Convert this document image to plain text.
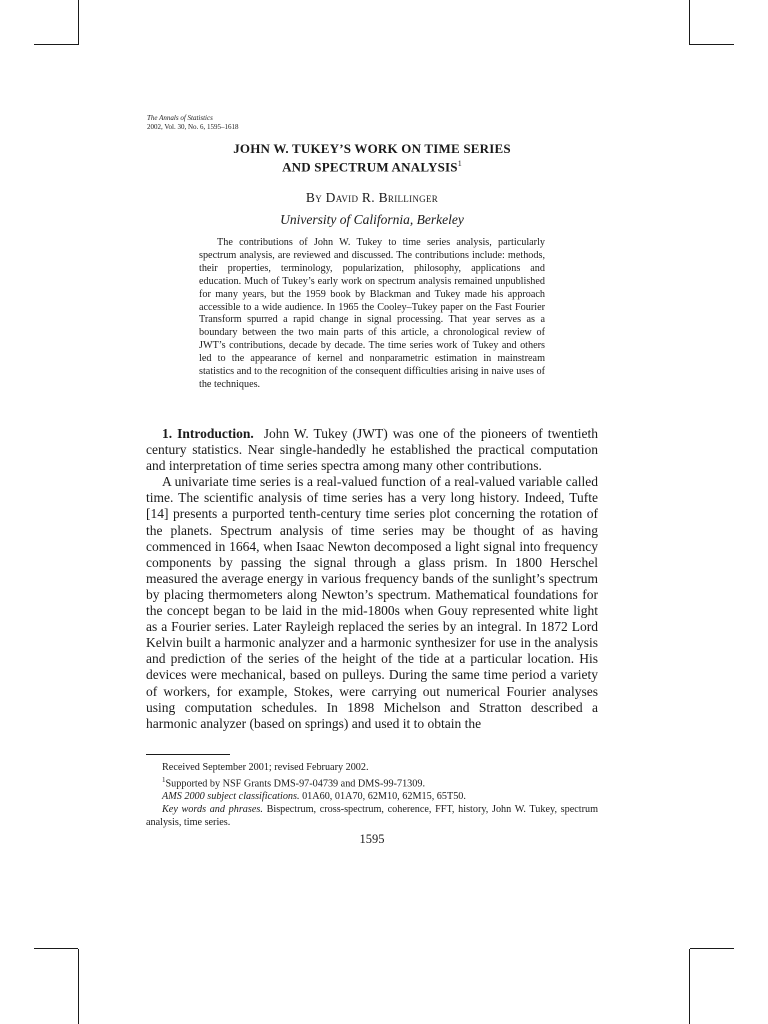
The Annals of Statistics
2002, Vol. 30, No. 6, 1595–1618
JOHN W. TUKEY’S WORK ON TIME SERIES
AND SPECTRUM ANALYSIS$^1$
By David R. Brillinger
University of California, Berkeley

The contributions of John W. Tukey to time series analysis, particularly spectrum analysis, are reviewed and discussed. The contributions include: methods, their properties, terminology, popularization, philosophy, applications and education. Much of Tukey’s early work on spectrum analysis remained unpublished for many years, but the 1959 book by Blackman and Tukey made his approach accessible to a wide audience. In 1965 the Cooley–Tukey paper on the Fast Fourier Transform spurred a rapid change in signal processing. That year serves as a boundary between the two main parts of this article, a chronological review of JWT’s contributions, decade by decade. The time series work of Tukey and others led to the appearance of kernel and nonparametric estimation in mainstream statistics and to the recognition of the consequent difficulties arising in naive uses of the techniques.

1. Introduction. John W. Tukey (JWT) was one of the pioneers of twentieth century statistics. Near single-handedly he established the practical computation and interpretation of time series spectra among many other contributions.

A univariate time series is a real-valued function of a real-valued variable called time. The scientific analysis of time series has a very long history. Indeed, Tufte [14] presents a purported tenth-century time series plot concerning the rotation of the planets. Spectrum analysis of time series may be thought of as having commenced in 1664, when Isaac Newton decomposed a light signal into frequency components by passing the signal through a glass prism. In 1800 Herschel measured the average energy in various frequency bands of the sunlight’s spectrum by placing thermometers along Newton’s spectrum. Mathematical foundations for the concept began to be laid in the mid-1800s when Gouy represented white light as a Fourier series. Later Rayleigh replaced the series by an integral. In 1872 Lord Kelvin built a harmonic analyzer and a harmonic synthesizer for use in the analysis and prediction of the series of the height of the tide at a particular location. His devices were mechanical, based on pulleys. During the same time period a variety of workers, for example, Stokes, were carrying out numerical Fourier analyses using computation schedules. In 1898 Michelson and Stratton described a harmonic analyzer (based on springs) and used it to obtain the

Received September 2001; revised February 2002.

$^1$Supported by NSF Grants DMS-97-04739 and DMS-99-71309.

AMS 2000 subject classifications. 01A60, 01A70, 62M10, 62M15, 65T50.

Key words and phrases. Bispectrum, cross-spectrum, coherence, FFT, history, John W. Tukey, spectrum analysis, time series.

1595
